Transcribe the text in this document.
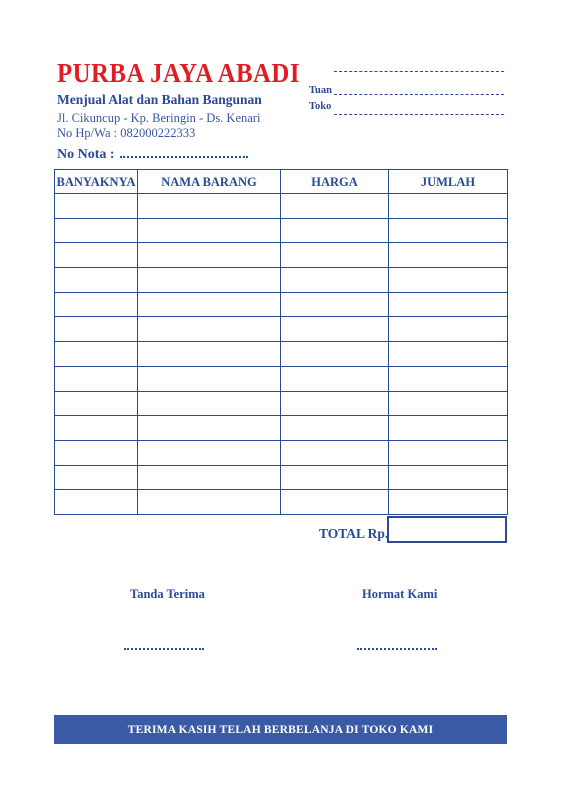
PURBA JAYA ABADI
Menjual Alat dan Bahan Bangunan
Jl. Cikuncup - Kp. Beringin - Ds. Kenari
No Hp/Wa : 082000222333
Tuan
Toko
No Nota :
BANYAKNYA	NAMA BARANG	HARGA	JUMLAH

TOTAL Rp.
Tanda Terima	Hormat Kami
TERIMA KASIH TELAH BERBELANJA DI TOKO KAMI
